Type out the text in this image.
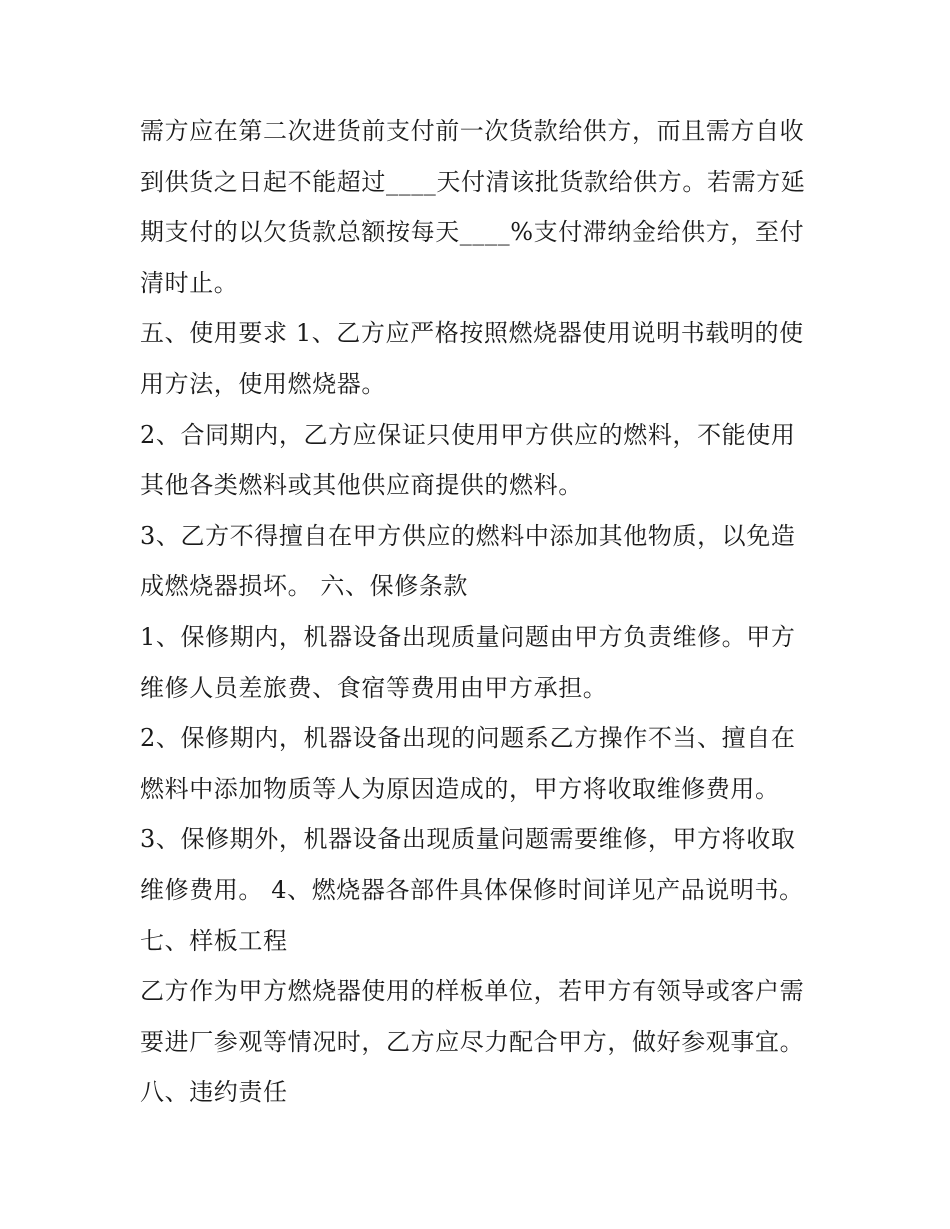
需方应在第二次进货前支付前一次货款给供方，而且需方自收
到供货之日起不能超过____天付清该批货款给供方。若需方延
期支付的以欠货款总额按每天____%支付滞纳金给供方，至付
清时止。
五、使用要求 1、乙方应严格按照燃烧器使用说明书载明的使
用方法，使用燃烧器。
2、合同期内，乙方应保证只使用甲方供应的燃料，不能使用
其他各类燃料或其他供应商提供的燃料。
3、乙方不得擅自在甲方供应的燃料中添加其他物质，以免造
成燃烧器损坏。 六、保修条款
1、保修期内，机器设备出现质量问题由甲方负责维修。甲方
维修人员差旅费、食宿等费用由甲方承担。
2、保修期内，机器设备出现的问题系乙方操作不当、擅自在
燃料中添加物质等人为原因造成的，甲方将收取维修费用。
3、保修期外，机器设备出现质量问题需要维修，甲方将收取
维修费用。 4、燃烧器各部件具体保修时间详见产品说明书。
七、样板工程
乙方作为甲方燃烧器使用的样板单位，若甲方有领导或客户需
要进厂参观等情况时，乙方应尽力配合甲方，做好参观事宜。
八、违约责任
